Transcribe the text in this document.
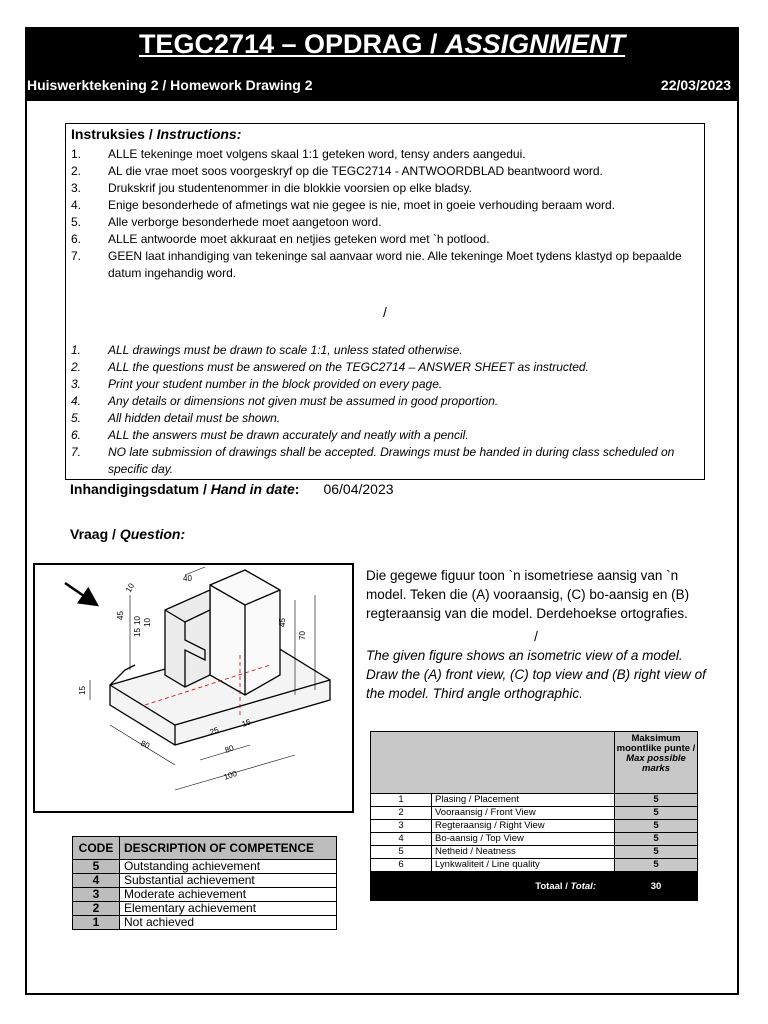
TEGC2714 – OPDRAG / ASSIGNMENT
Huiswerktekening 2 / Homework Drawing 2	22/03/2023
Instruksies / Instructions:
1.	ALLE tekeninge moet volgens skaal 1:1 geteken word, tensy anders aangedui.
2.	AL die vrae moet soos voorgeskryf op die TEGC2714 - ANTWOORDBLAD beantwoord word.
3.	Drukskrif jou studentenommer in die blokkie voorsien op elke bladsy.
4.	Enige besonderhede of afmetings wat nie gegee is nie, moet in goeie verhouding beraam word.
5.	Alle verborge besonderhede moet aangetoon word.
6.	ALLE antwoorde moet akkuraat en netjies geteken word met `h potlood.
7.	GEEN laat inhandiging van tekeninge sal aanvaar word nie. Alle tekeninge Moet tydens klastyd op bepaalde datum ingehandig word.
/
1.	ALL drawings must be drawn to scale 1:1, unless stated otherwise.
2.	ALL the questions must be answered on the TEGC2714 – ANSWER SHEET as instructed.
3.	Print your student number in the block provided on every page.
4.	Any details or dimensions not given must be assumed in good proportion.
5.	All hidden detail must be shown.
6.	ALL the answers must be drawn accurately and neatly with a pencil.
7.	NO late submission of drawings shall be accepted. Drawings must be handed in during class scheduled on specific day.
Inhandigingsdatum / Hand in date: 06/04/2023
Vraag / Question:
10
40
45
10
15
10	45
70
15
25
15
80
80
100
Die gegewe figuur toon `n isometriese aansig van `n model. Teken die (A) vooraansig, (C) bo-aansig en (B) regteraansig van die model. Derdehoekse ortografies.
/
The given figure shows an isometric view of a model. Draw the (A) front view, (C) top view and (B) right view of the model. Third angle orthographic.
CODE	DESCRIPTION OF COMPETENCE
5	Outstanding achievement
4	Substantial achievement
3	Moderate achievement
2	Elementary achievement
1	Not achieved
		Maksimum moontlike punte / Max possible marks
1	Plasing / Placement	5
2	Vooraansig / Front View	5
3	Regteraansig / Right View	5
4	Bo-aansig / Top View	5
5	Netheid / Neatness	5
6	Lynkwaliteit / Line quality	5
Totaal / Total:		30
